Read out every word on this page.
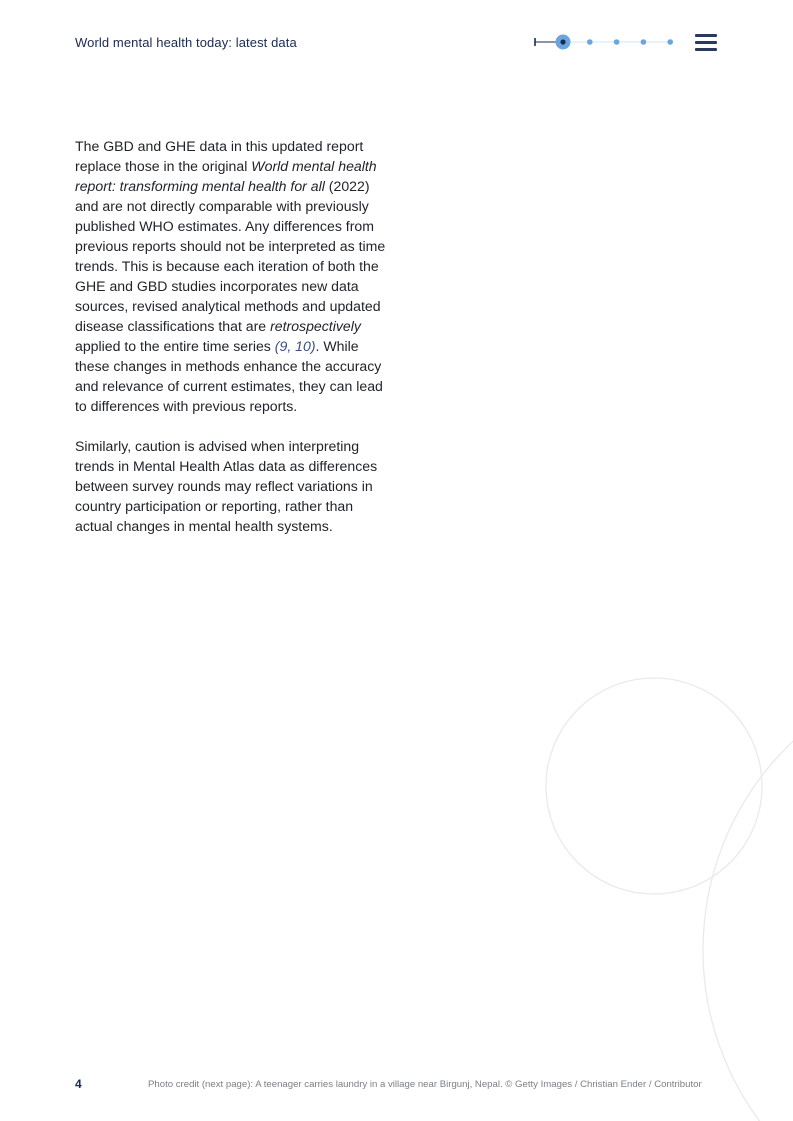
World mental health today: latest data

The GBD and GHE data in this updated report replace those in the original World mental health report: transforming mental health for all (2022) and are not directly comparable with previously published WHO estimates. Any differences from previous reports should not be interpreted as time trends. This is because each iteration of both the GHE and GBD studies incorporates new data sources, revised analytical methods and updated disease classifications that are retrospectively applied to the entire time series (9, 10). While these changes in methods enhance the accuracy and relevance of current estimates, they can lead to differences with previous reports.

Similarly, caution is advised when interpreting trends in Mental Health Atlas data as differences between survey rounds may reflect variations in country participation or reporting, rather than actual changes in mental health systems.

4	Photo credit (next page): A teenager carries laundry in a village near Birgunj, Nepal. © Getty Images / Christian Ender / Contributor
